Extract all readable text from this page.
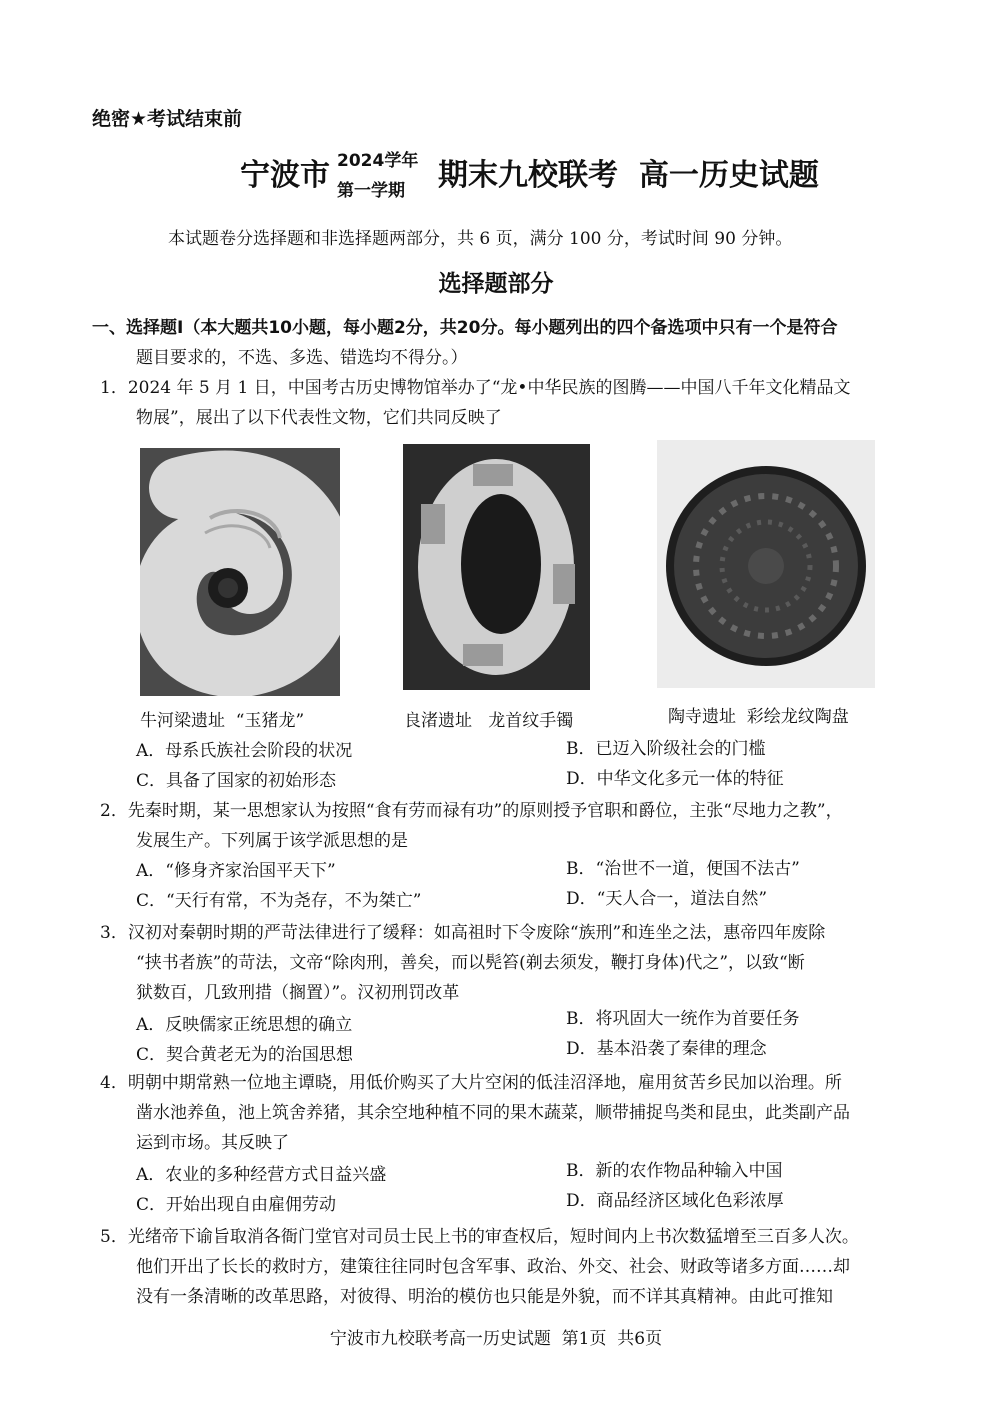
绝密★考试结束前
宁波市 2024学年
第一学期 期末九校联考  高一历史试题
本试题卷分选择题和非选择题两部分，共 6 页，满分 100 分，考试时间 90 分钟。
选择题部分
一、选择题Ⅰ（本大题共10小题，每小题2分，共20分。每小题列出的四个备选项中只有一个是符合
题目要求的，不选、多选、错选均不得分。）
1．2024 年 5 月 1 日，中国考古历史博物馆举办了“龙•中华民族的图腾——中国八千年文化精品文
物展”，展出了以下代表性文物，它们共同反映了
牛河梁遗址  “玉猪龙”	良渚遗址   龙首纹手镯	陶寺遗址  彩绘龙纹陶盘
A．母系氏族社会阶段的状况	B．已迈入阶级社会的门槛
C．具备了国家的初始形态	D．中华文化多元一体的特征
2．先秦时期，某一思想家认为按照“食有劳而禄有功”的原则授予官职和爵位，主张“尽地力之教”，
发展生产。下列属于该学派思想的是
A．“修身齐家治国平天下”	B．“治世不一道，便国不法古”
C．“天行有常，不为尧存，不为桀亡”	D．“天人合一，道法自然”
3．汉初对秦朝时期的严苛法律进行了缓释：如高祖时下令废除“族刑”和连坐之法，惠帝四年废除
“挟书者族”的苛法，文帝“除肉刑，善矣，而以髡笞(剃去须发，鞭打身体)代之”，以致“断
狱数百，几致刑措（搁置）”。汉初刑罚改革
A．反映儒家正统思想的确立	B．将巩固大一统作为首要任务
C．契合黄老无为的治国思想	D．基本沿袭了秦律的理念
4．明朝中期常熟一位地主谭晓，用低价购买了大片空闲的低洼沼泽地，雇用贫苦乡民加以治理。所
凿水池养鱼，池上筑舍养猪，其余空地种植不同的果木蔬菜，顺带捕捉鸟类和昆虫，此类副产品
运到市场。其反映了
A．农业的多种经营方式日益兴盛	B．新的农作物品种输入中国
C．开始出现自由雇佣劳动	D．商品经济区域化色彩浓厚
5．光绪帝下谕旨取消各衙门堂官对司员士民上书的审查权后，短时间内上书次数猛增至三百多人次。
他们开出了长长的救时方，建策往往同时包含军事、政治、外交、社会、财政等诸多方面……却
没有一条清晰的改革思路，对彼得、明治的模仿也只能是外貌，而不详其真精神。由此可推知
宁波市九校联考高一历史试题  第1页  共6页
